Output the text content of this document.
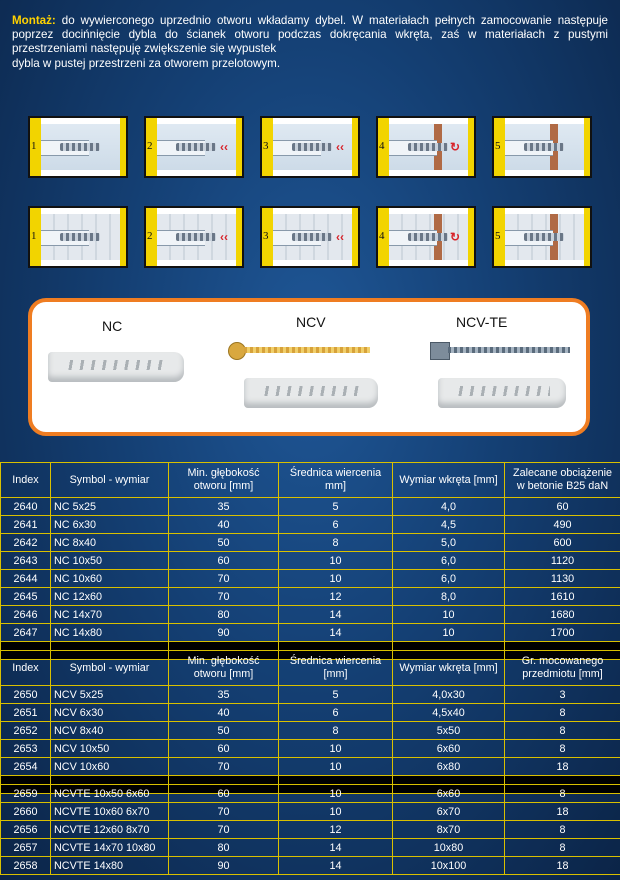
Montaż: do wywierconego uprzednio otworu wkładamy dybel. W materiałach pełnych zamocowanie następuje poprzez docińnięcie dybla do ścianek otworu podczas dokręcania wkręta, zaś w materiałach z pustymi przestrzeniami następuję zwiększenie się wypustek
dybla w pustej przestrzeni za otworem przelotowym.
1	2	‹‹	3	‹‹	4	↻	5
1	2	‹‹	3	‹‹	4	↻	5
NC	NCV	NCV-TE
Index	Symbol - wymiar	Min. głębokość otworu [mm]	Średnica wiercenia mm]	Wymiar wkręta [mm]	Zalecane obciążenie w betonie B25 daN
2640	NC 5x25	35	5	4,0	60
2641	NC 6x30	40	6	4,5	490
2642	NC 8x40	50	8	5,0	600
2643	NC 10x50	60	10	6,0	1120
2644	NC 10x60	70	10	6,0	1130
2645	NC 12x60	70	12	8,0	1610
2646	NC 14x70	80	14	10	1680
2647	NC 14x80	90	14	10	1700

Index	Symbol - wymiar	Min. głębokość otworu [mm]	Średnica wiercenia [mm]	Wymiar wkręta [mm]	Gr. mocowanego przedmiotu [mm]
2650	NCV 5x25	35	5	4,0x30	3
2651	NCV 6x30	40	6	4,5x40	8
2652	NCV 8x40	50	8	5x50	8
2653	NCV 10x50	60	10	6x60	8
2654	NCV 10x60	70	10	6x80	18

2659	NCVTE 10x50 6x60	60	10	6x60	8
2660	NCVTE 10x60 6x70	70	10	6x70	18
2656	NCVTE 12x60 8x70	70	12	8x70	8
2657	NCVTE 14x70 10x80	80	14	10x80	8
2658	NCVTE 14x80	90	14	10x100	18
